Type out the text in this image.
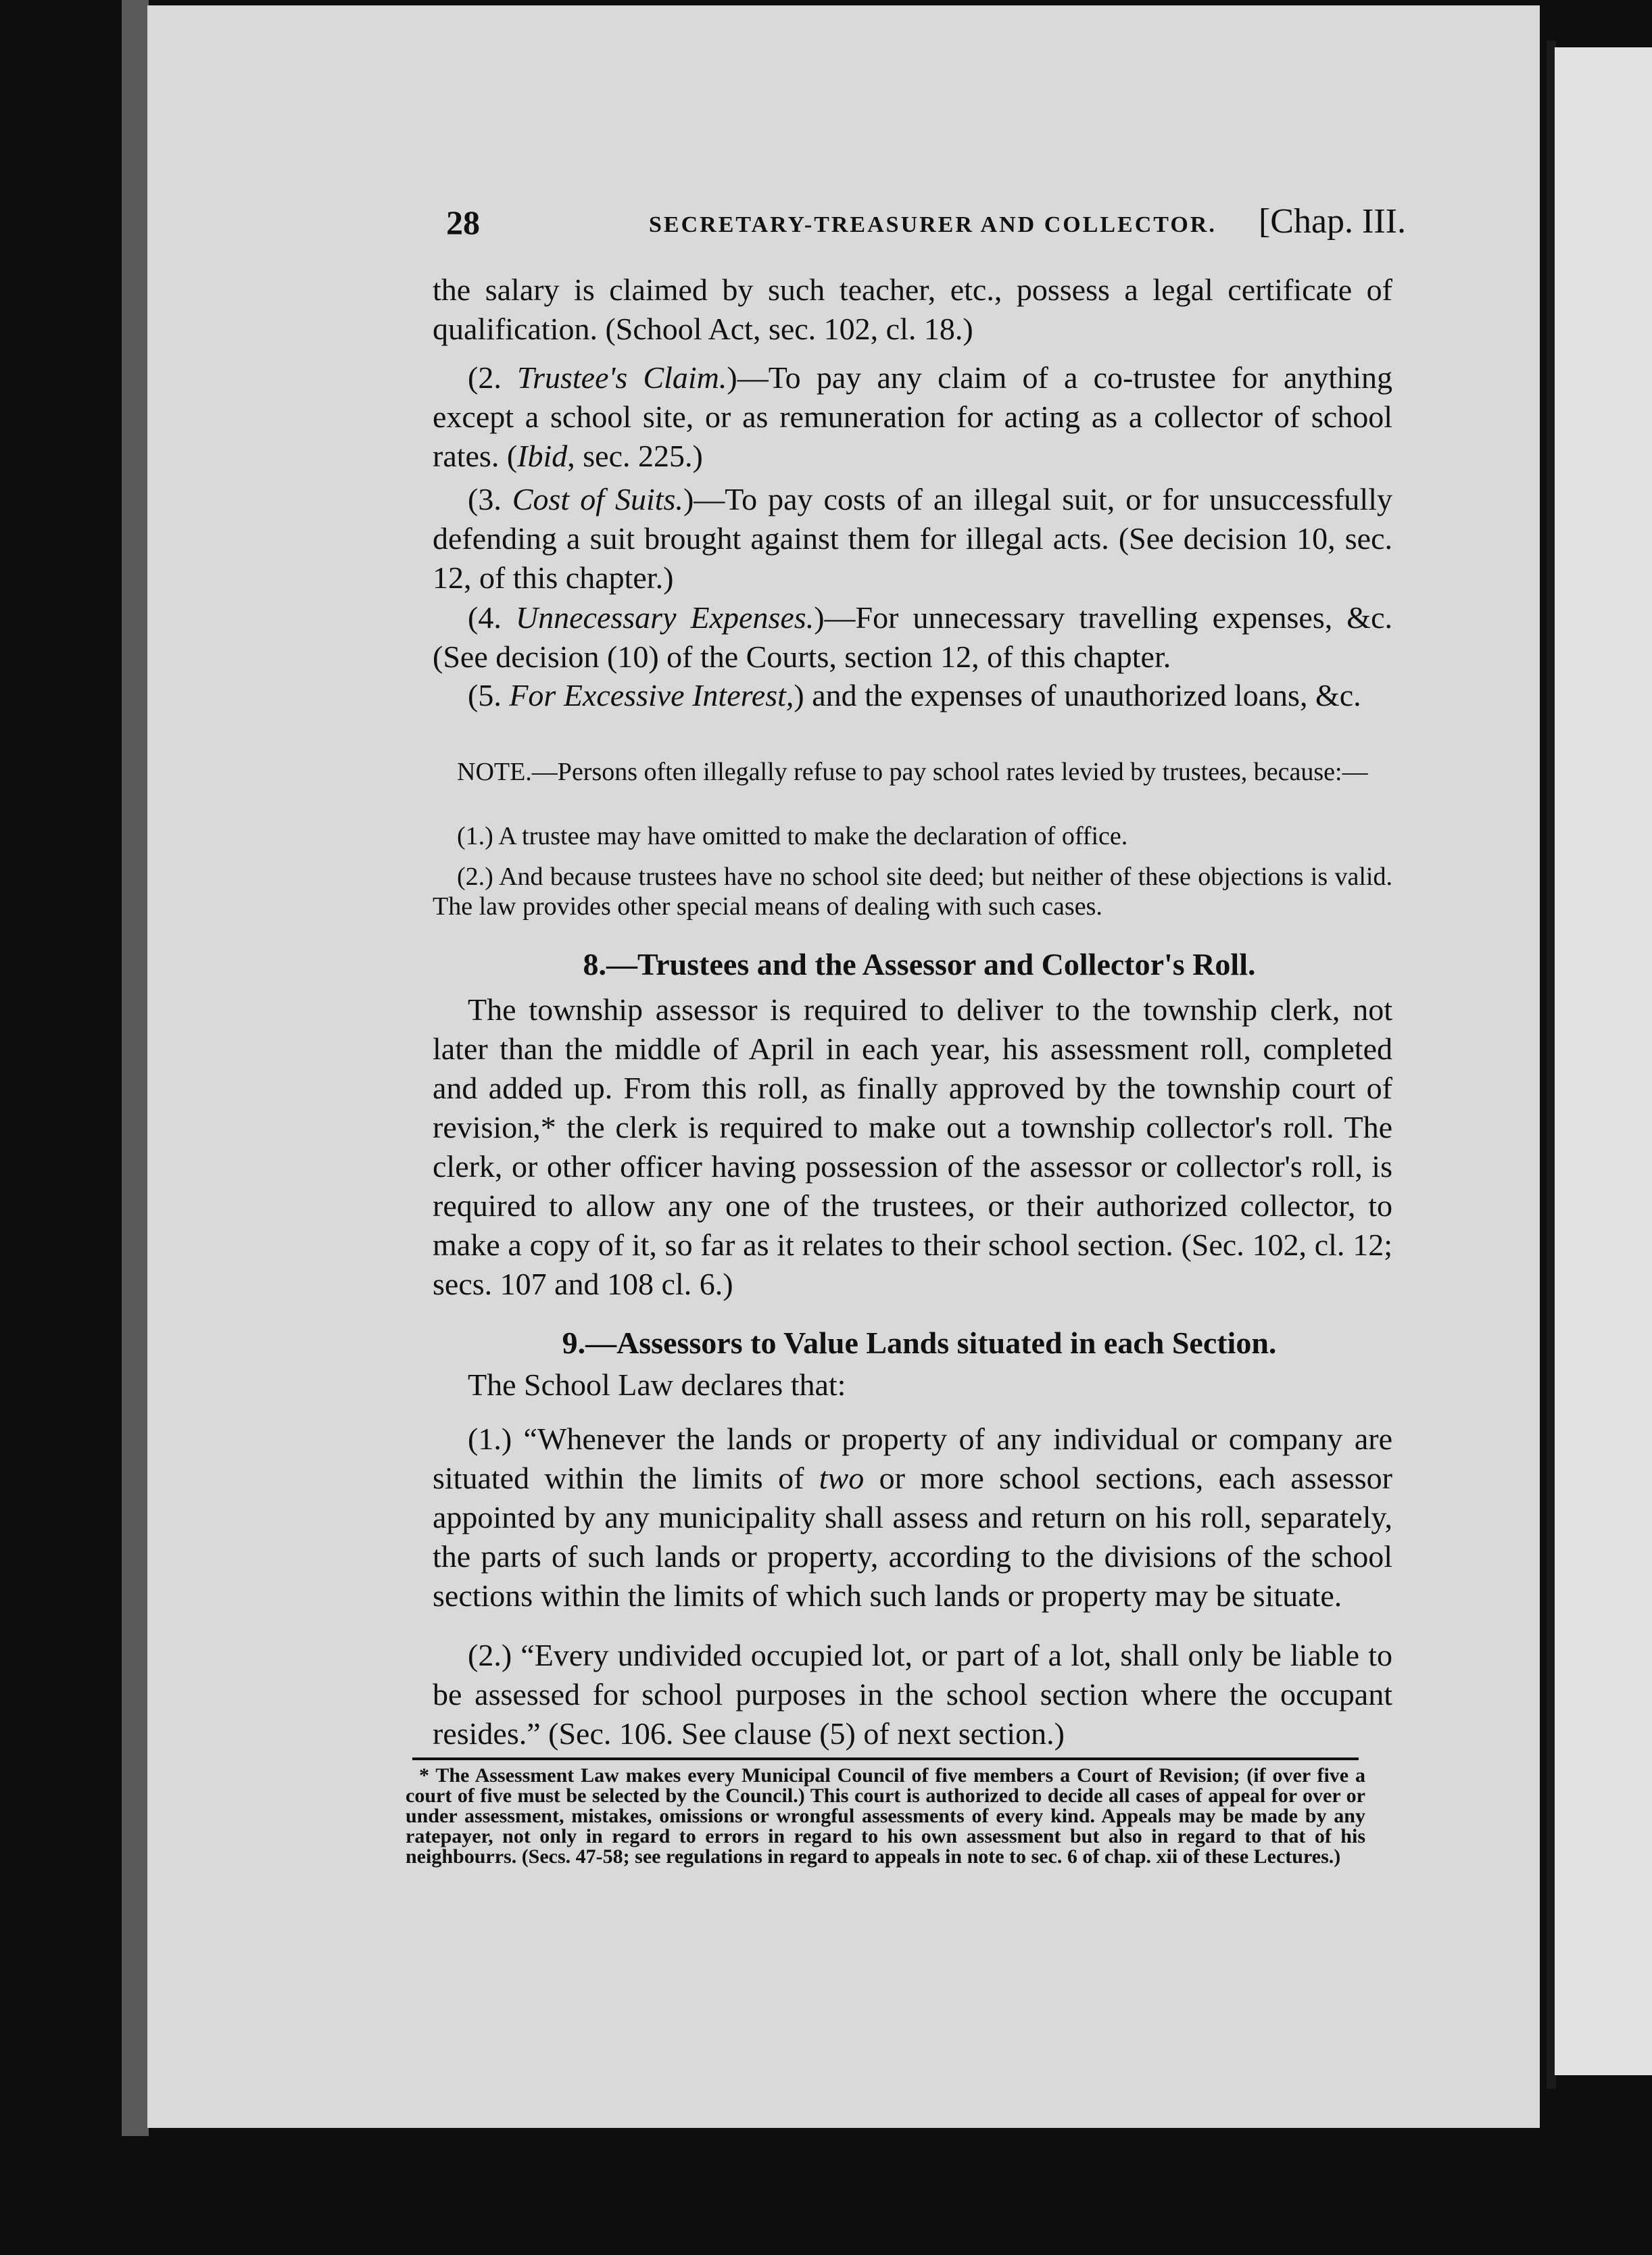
28	SECRETARY-TREASURER AND COLLECTOR. [Chap. III.

the salary is claimed by such teacher, etc., possess a legal certificate of qualification. (School Act, sec. 102, cl. 18.)

(2. Trustee's Claim.)—To pay any claim of a co-trustee for anything except a school site, or as remuneration for acting as a collector of school rates. (Ibid, sec. 225.)

(3. Cost of Suits.)—To pay costs of an illegal suit, or for unsuccessfully defending a suit brought against them for illegal acts. (See decision 10, sec. 12, of this chapter.)

(4. Unnecessary Expenses.)—For unnecessary travelling expenses, &c. (See decision (10) of the Courts, section 12, of this chapter.

(5. For Excessive Interest,) and the expenses of unauthorized loans, &c.

NOTE.—Persons often illegally refuse to pay school rates levied by trustees, because:—

(1.) A trustee may have omitted to make the declaration of office.

(2.) And because trustees have no school site deed; but neither of these objections is valid. The law provides other special means of dealing with such cases.

8.—Trustees and the Assessor and Collector's Roll.

The township assessor is required to deliver to the township clerk, not later than the middle of April in each year, his assessment roll, completed and added up. From this roll, as finally approved by the township court of revision,* the clerk is required to make out a township collector's roll. The clerk, or other officer having possession of the assessor or collector's roll, is required to allow any one of the trustees, or their authorized collector, to make a copy of it, so far as it relates to their school section. (Sec. 102, cl. 12; secs. 107 and 108 cl. 6.)

9.—Assessors to Value Lands situated in each Section.

The School Law declares that:

(1.) “Whenever the lands or property of any individual or company are situated within the limits of two or more school sections, each assessor appointed by any municipality shall assess and return on his roll, separately, the parts of such lands or property, according to the divisions of the school sections within the limits of which such lands or property may be situate.

(2.) “Every undivided occupied lot, or part of a lot, shall only be liable to be assessed for school purposes in the school section where the occupant resides.” (Sec. 106. See clause (5) of next section.)

* The Assessment Law makes every Municipal Council of five members a Court of Revision; (if over five a court of five must be selected by the Council.) This court is authorized to decide all cases of appeal for over or under assessment, mistakes, omissions or wrongful assessments of every kind. Appeals may be made by any ratepayer, not only in regard to errors in regard to his own assessment but also in regard to that of his neighbourrs. (Secs. 47-58; see regulations in regard to appeals in note to sec. 6 of chap. xii of these Lectures.)
